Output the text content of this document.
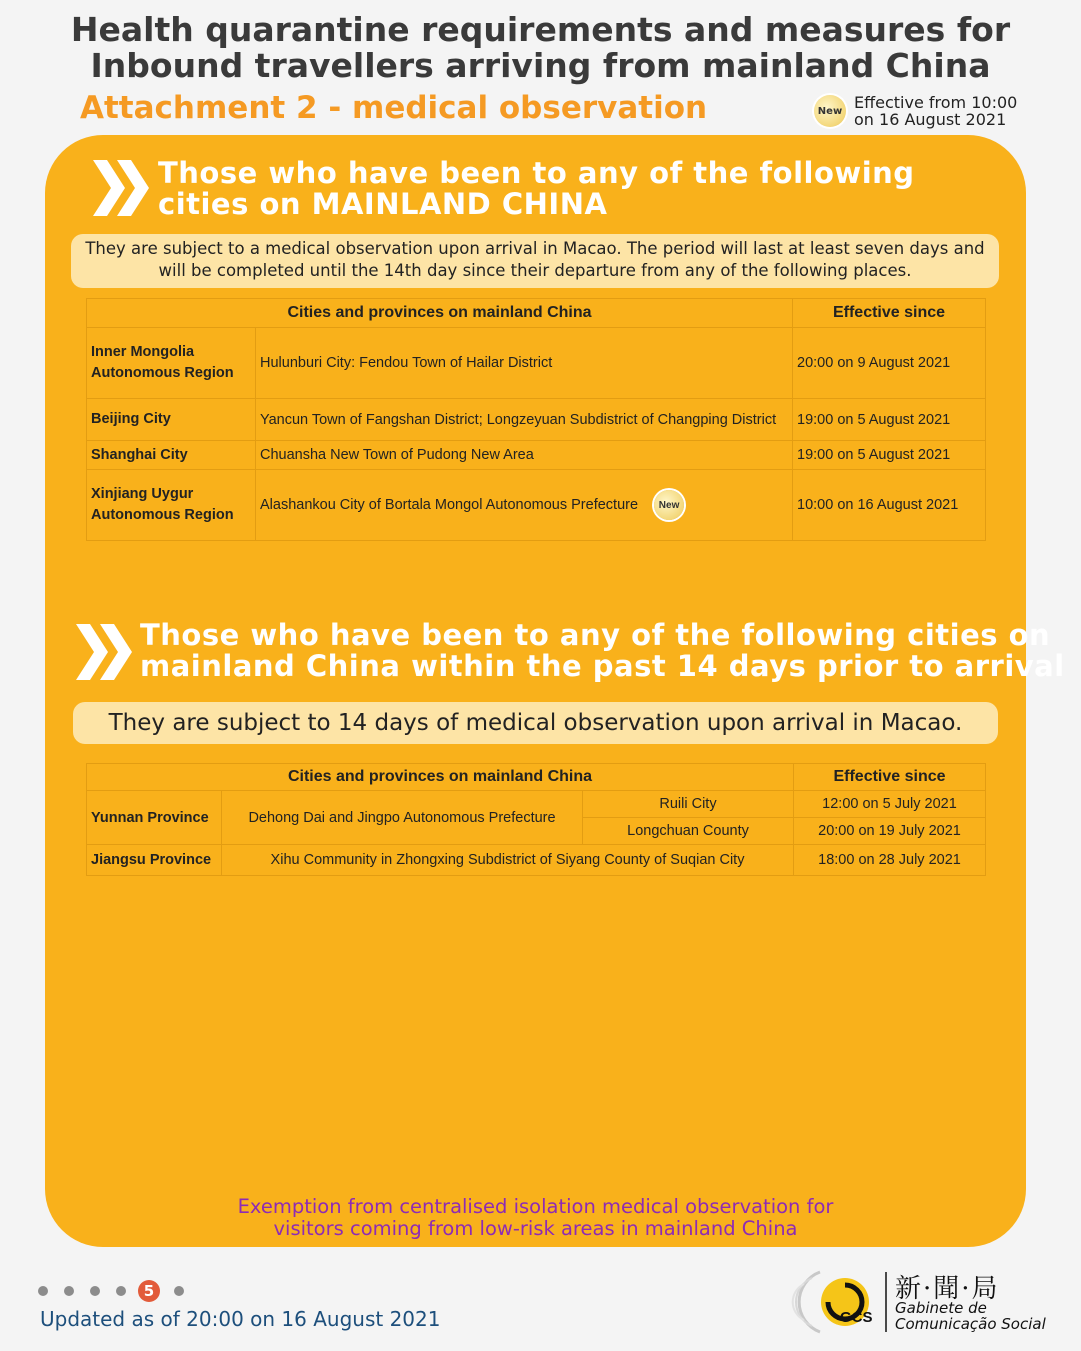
Health quarantine requirements and measures for
Inbound travellers arriving from mainland China
Attachment 2 - medical observation	New Effective from 10:00
on 16 August 2021
Those who have been to any of the following
cities on MAINLAND CHINA
They are subject to a medical observation upon arrival in Macao. The period will last at least seven days and
will be completed until the 14th day since their departure from any of the following places.
Cities and provinces on mainland China		Effective since
Inner Mongolia Autonomous Region	Hulunburi City: Fendou Town of Hailar District	20:00 on 9 August 2021
Beijing City	Yancun Town of Fangshan District; Longzeyuan Subdistrict of Changping District	19:00 on 5 August 2021
Shanghai City	Chuansha New Town of Pudong New Area	19:00 on 5 August 2021
Xinjiang Uygur Autonomous Region	Alashankou City of Bortala Mongol Autonomous Prefecture New	10:00 on 16 August 2021
Those who have been to any of the following cities on
mainland China within the past 14 days prior to arrival
They are subject to 14 days of medical observation upon arrival in Macao.
Cities and provinces on mainland China			Effective since
Yunnan Province	Dehong Dai and Jingpo Autonomous Prefecture	Ruili City	12:00 on 5 July 2021
		Longchuan County	20:00 on 19 July 2021
Jiangsu Province	Xihu Community in Zhongxing Subdistrict of Siyang County of Suqian City		18:00 on 28 July 2021
Exemption from centralised isolation medical observation for
visitors coming from low-risk areas in mainland China
5
Updated as of 20:00 on 16 August 2021	GCS
新·聞·局
Gabinete de
Comunicação Social
